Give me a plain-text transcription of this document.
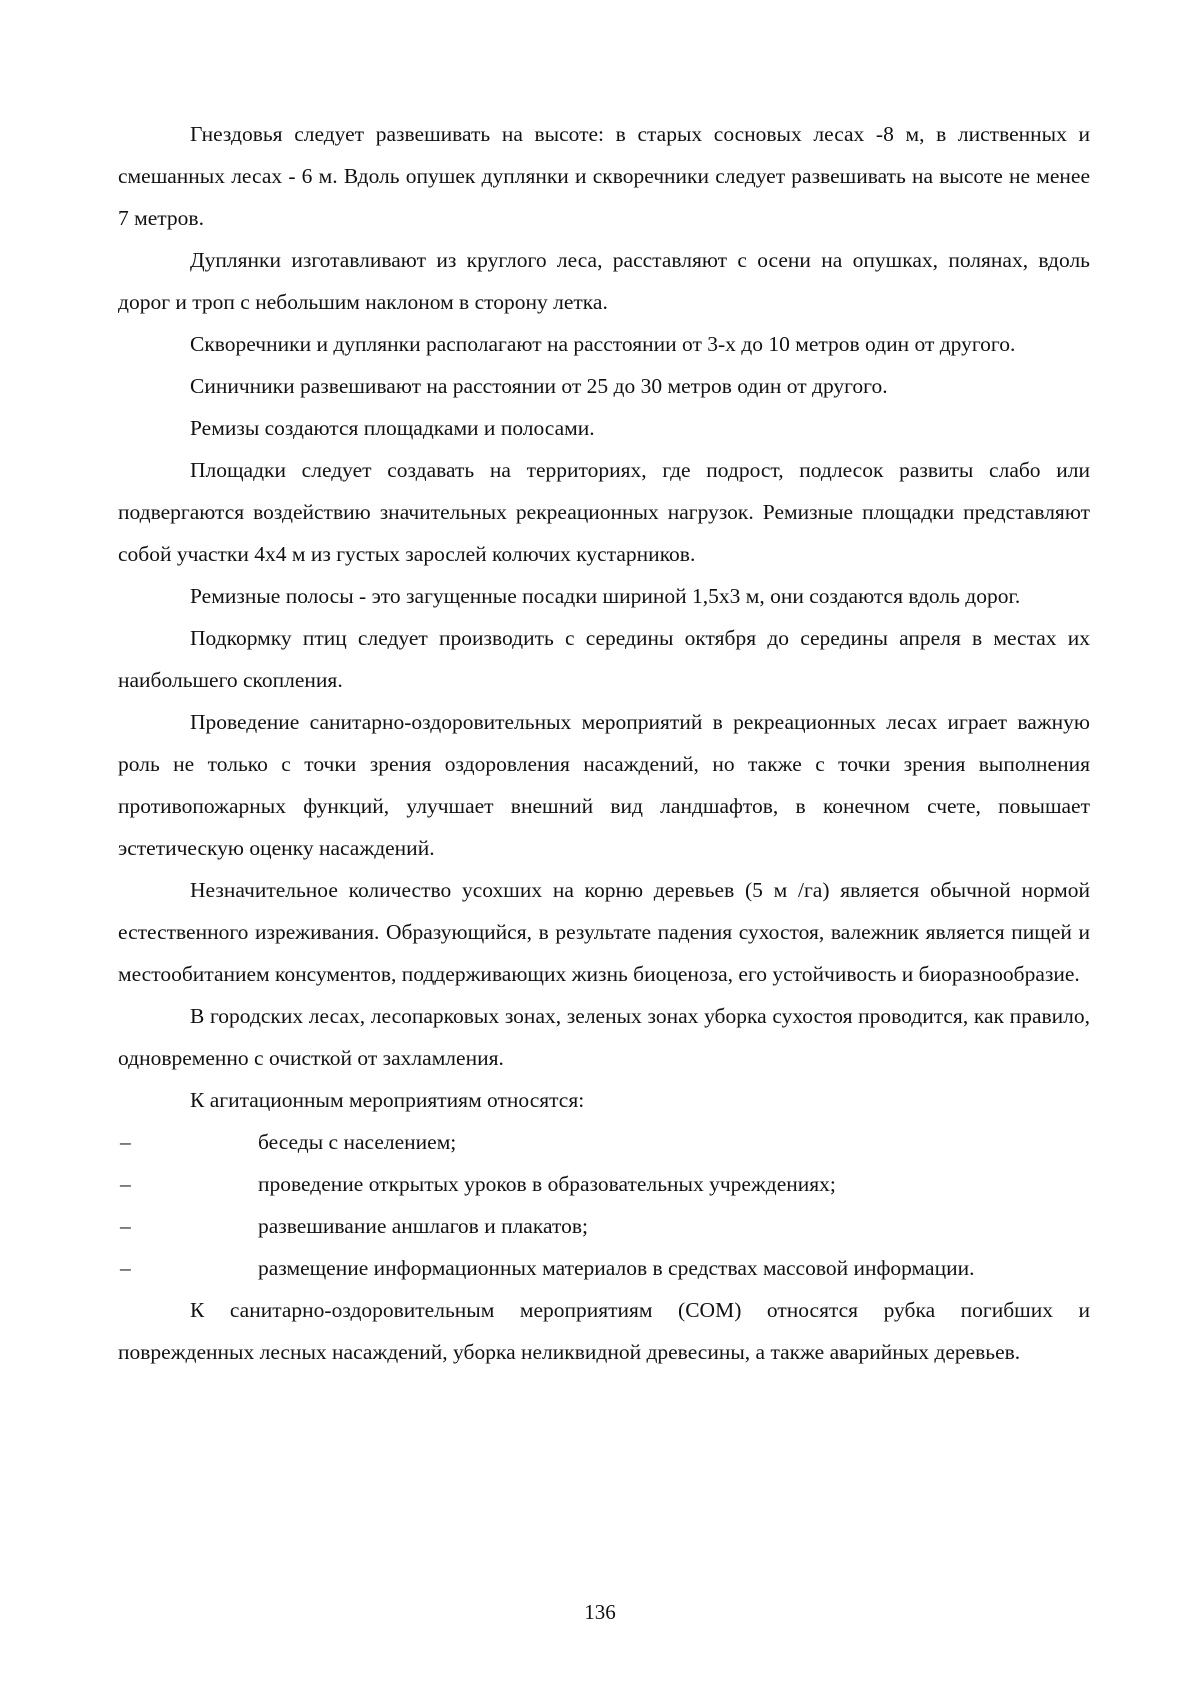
Гнездовья следует развешивать на высоте: в старых сосновых лесах -8 м, в лиственных и смешанных лесах - 6 м. Вдоль опушек дуплянки и скворечники следует развешивать на высоте не менее 7 метров.

Дуплянки изготавливают из круглого леса, расставляют с осени на опушках, полянах, вдоль дорог и троп с небольшим наклоном в сторону летка.

Скворечники и дуплянки располагают на расстоянии от 3-х до 10 метров один от другого.

Синичники развешивают на расстоянии от 25 до 30 метров один от другого.

Ремизы создаются площадками и полосами.

Площадки следует создавать на территориях, где подрост, подлесок развиты слабо или подвергаются воздействию значительных рекреационных нагрузок. Ремизные площадки представляют собой участки 4х4 м из густых зарослей колючих кустарников.

Ремизные полосы - это загущенные посадки шириной 1,5х3 м, они создаются вдоль дорог.

Подкормку птиц следует производить с середины октября до середины апреля в местах их наибольшего скопления.

Проведение санитарно-оздоровительных мероприятий в рекреационных лесах играет важную роль не только с точки зрения оздоровления насаждений, но также с точки зрения выполнения противопожарных функций, улучшает внешний вид ландшафтов, в конечном счете, повышает эстетическую оценку насаждений.

Незначительное количество усохших на корню деревьев (5 м /га) является обычной нормой естественного изреживания. Образующийся, в результате падения сухостоя, валежник является пищей и местообитанием консументов, поддерживающих жизнь биоценоза, его устойчивость и биоразнообразие.

В городских лесах, лесопарковых зонах, зеленых зонах уборка сухостоя проводится, как правило, одновременно с очисткой от захламления.

К агитационным мероприятиям относятся:

–	беседы с населением;
–	проведение открытых уроков в образовательных учреждениях;
–	развешивание аншлагов и плакатов;
–	размещение информационных материалов в средствах массовой информации.

К санитарно-оздоровительным мероприятиям (СОМ) относятся рубка погибших и поврежденных лесных насаждений, уборка неликвидной древесины, а также аварийных деревьев.

136
